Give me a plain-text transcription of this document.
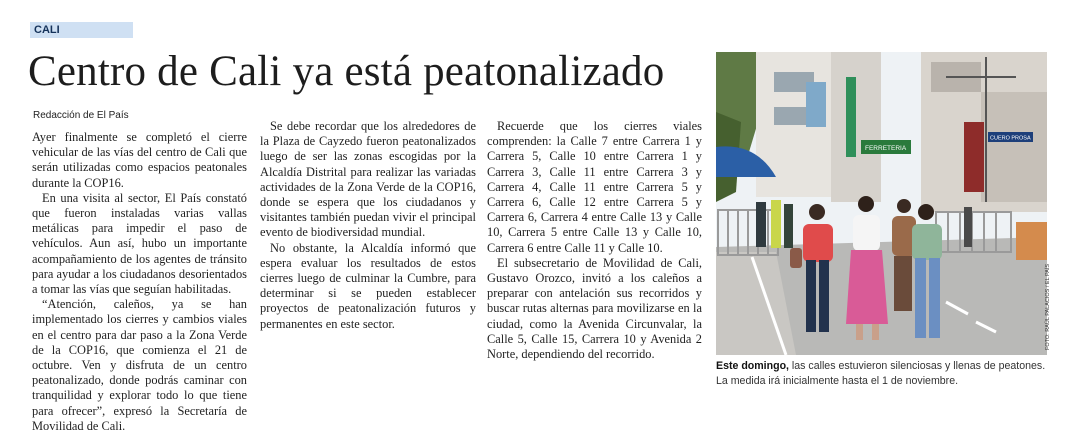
CALI
Centro de Cali ya está peatonalizado
Redacción de El País

Ayer finalmente se completó el cierre vehicular de las vías del centro de Cali que serán utilizadas como espacios peatonales durante la COP16.

En una visita al sector, El País constató que fueron instaladas varias vallas metálicas para impedir el paso de vehículos. Aun así, hubo un importante acompañamiento de los agentes de tránsito para ayudar a los ciudadanos desorientados a tomar las vías que seguían habilitadas.

“Atención, caleños, ya se han implementado los cierres y cambios viales en el centro para dar paso a la Zona Verde de la COP16, que comienza el 21 de octubre. Ven y disfruta de un centro peatonalizado, donde podrás caminar con tranquilidad y explorar todo lo que tiene para ofrecer”, expresó la Secretaría de Movilidad de Cali.

Se debe recordar que los alrededores de la Plaza de Cayzedo fueron peatonalizados luego de ser las zonas escogidas por la Alcaldía Distrital para realizar las variadas actividades de la Zona Verde de la COP16, donde se espera que los ciudadanos y visitantes también puedan vivir el principal evento de biodiversidad mundial.

No obstante, la Alcaldía informó que espera evaluar los resultados de estos cierres luego de culminar la Cumbre, para determinar si se pueden establecer proyectos de peatonalización futuros y permanentes en este sector.

Recuerde que los cierres viales comprenden: la Calle 7 entre Carrera 1 y Carrera 5, Calle 10 entre Carrera 1 y Carrera 3, Calle 11 entre Carrera 3 y Carrera 4, Calle 11 entre Carrera 5 y Carrera 6, Calle 12 entre Carrera 5 y Carrera 6, Carrera 4 entre Calle 13 y Calle 10, Carrera 5 entre Calle 13 y Calle 10, Carrera 6 entre Calle 11 y Calle 10.

El subsecretario de Movilidad de Cali, Gustavo Orozco, invitó a los caleños a preparar con antelación sus recorridos y buscar rutas alternas para movilizarse en la ciudad, como la Avenida Circunvalar, la Calle 5, Calle 15, Carrera 10 y Avenida 2 Norte, dependiendo del recorrido.

FERRETERIA
CUERO PROSA
FOTO: RAÚL PALACIOS / EL PAÍS
Este domingo, las calles estuvieron silenciosas y llenas de peatones. La medida irá inicialmente hasta el 1 de noviembre.
